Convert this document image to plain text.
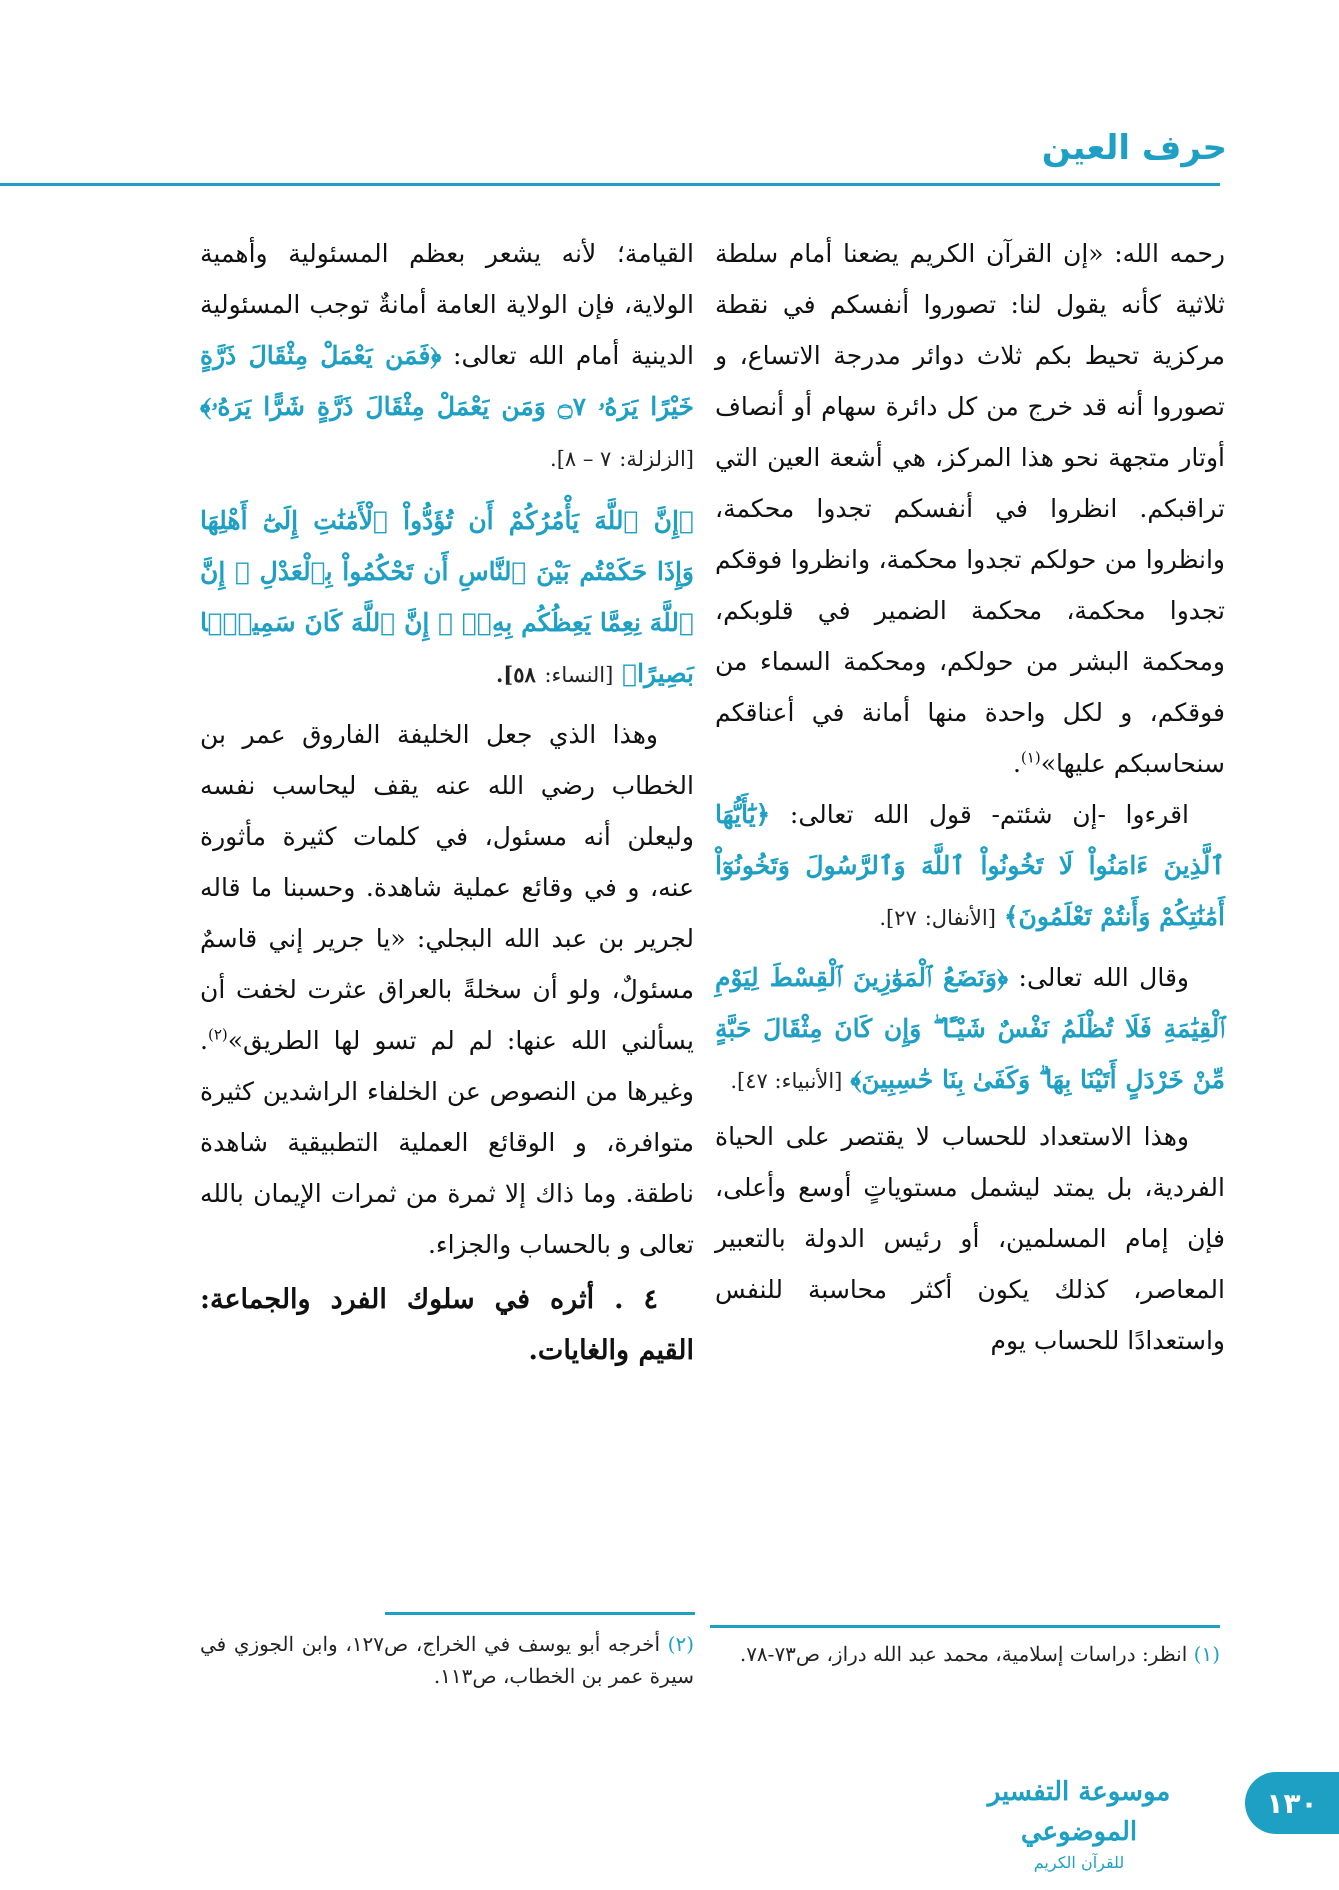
حرف العين

رحمه الله: «إن القرآن الكريم يضعنا أمام سلطة ثلاثية كأنه يقول لنا: تصوروا أنفسكم في نقطة مركزية تحيط بكم ثلاث دوائر مدرجة الاتساع، و تصوروا أنه قد خرج من كل دائرة سهام أو أنصاف أوتار متجهة نحو هذا المركز، هي أشعة العين التي تراقبكم. انظروا في أنفسكم تجدوا محكمة، وانظروا من حولكم تجدوا محكمة، وانظروا فوقكم تجدوا محكمة، محكمة الضمير في قلوبكم، ومحكمة البشر من حولكم، ومحكمة السماء من فوقكم، و لكل واحدة منها أمانة في أعناقكم سنحاسبكم عليها»$^{(١)}$.

اقرءوا -إن شئتم- قول الله تعالى: ﴿يَٰٓأَيُّهَا ٱلَّذِينَ ءَامَنُواْ لَا تَخُونُواْ ٱللَّهَ وَٱلرَّسُولَ وَتَخُونُوٓاْ أَمَٰنَٰتِكُمْ وَأَنتُمْ تَعْلَمُونَ﴾ [الأنفال: ٢٧].

وقال الله تعالى: ﴿وَنَضَعُ ٱلْمَوَٰزِينَ ٱلْقِسْطَ لِيَوْمِ ٱلْقِيَٰمَةِ فَلَا تُظْلَمُ نَفْسٌ شَيْـًٔا ۖ وَإِن كَانَ مِثْقَالَ حَبَّةٍ مِّنْ خَرْدَلٍ أَتَيْنَا بِهَا ۗ وَكَفَىٰ بِنَا حَٰسِبِينَ﴾ [الأنبياء: ٤٧].

وهذا الاستعداد للحساب لا يقتصر على الحياة الفردية، بل يمتد ليشمل مستوياتٍ أوسع وأعلى، فإن إمام المسلمين، أو رئيس الدولة بالتعبير المعاصر، كذلك يكون أكثر محاسبة للنفس واستعدادًا للحساب يوم

القيامة؛ لأنه يشعر بعظم المسئولية وأهمية الولاية، فإن الولاية العامة أمانةٌ توجب المسئولية الدينية أمام الله تعالى: ﴿فَمَن يَعْمَلْ مِثْقَالَ ذَرَّةٍ خَيْرًا يَرَهُۥ ۝٧ وَمَن يَعْمَلْ مِثْقَالَ ذَرَّةٍ شَرًّا يَرَهُۥ﴾ [الزلزلة: ٧ – ٨].

﴿إِنَّ ٱللَّهَ يَأْمُرُكُمْ أَن تُؤَدُّواْ ٱلْأَمَٰنَٰتِ إِلَىٰٓ أَهْلِهَا وَإِذَا حَكَمْتُم بَيْنَ ٱلنَّاسِ أَن تَحْكُمُواْ بِٱلْعَدْلِ ۚ إِنَّ ٱللَّهَ نِعِمَّا يَعِظُكُم بِهِۦٓ ۗ إِنَّ ٱللَّهَ كَانَ سَمِيعًۢا بَصِيرًا﴾ [النساء: ٥٨].

وهذا الذي جعل الخليفة الفاروق عمر بن الخطاب رضي الله عنه يقف ليحاسب نفسه وليعلن أنه مسئول، في كلمات كثيرة مأثورة عنه، و في وقائع عملية شاهدة. وحسبنا ما قاله لجرير بن عبد الله البجلي: «يا جرير إني قاسمٌ مسئولٌ، ولو أن سخلةً بالعراق عثرت لخفت أن يسألني الله عنها: لم لم تسو لها الطريق»$^{(٢)}$. وغيرها من النصوص عن الخلفاء الراشدين كثيرة متوافرة، و الوقائع العملية التطبيقية شاهدة ناطقة. وما ذاك إلا ثمرة من ثمرات الإيمان بالله تعالى و بالحساب والجزاء.

٤ . أثره في سلوك الفرد والجماعة: القيم والغايات.

(١) انظر: دراسات إسلامية، محمد عبد الله دراز، ص٧٣-٧٨.
(٢) أخرجه أبو يوسف في الخراج، ص١٢٧، وابن الجوزي في سيرة عمر بن الخطاب، ص١١٣.
١٣٠
موسوعة التفسير الموضوعي
للقرآن الكريم
